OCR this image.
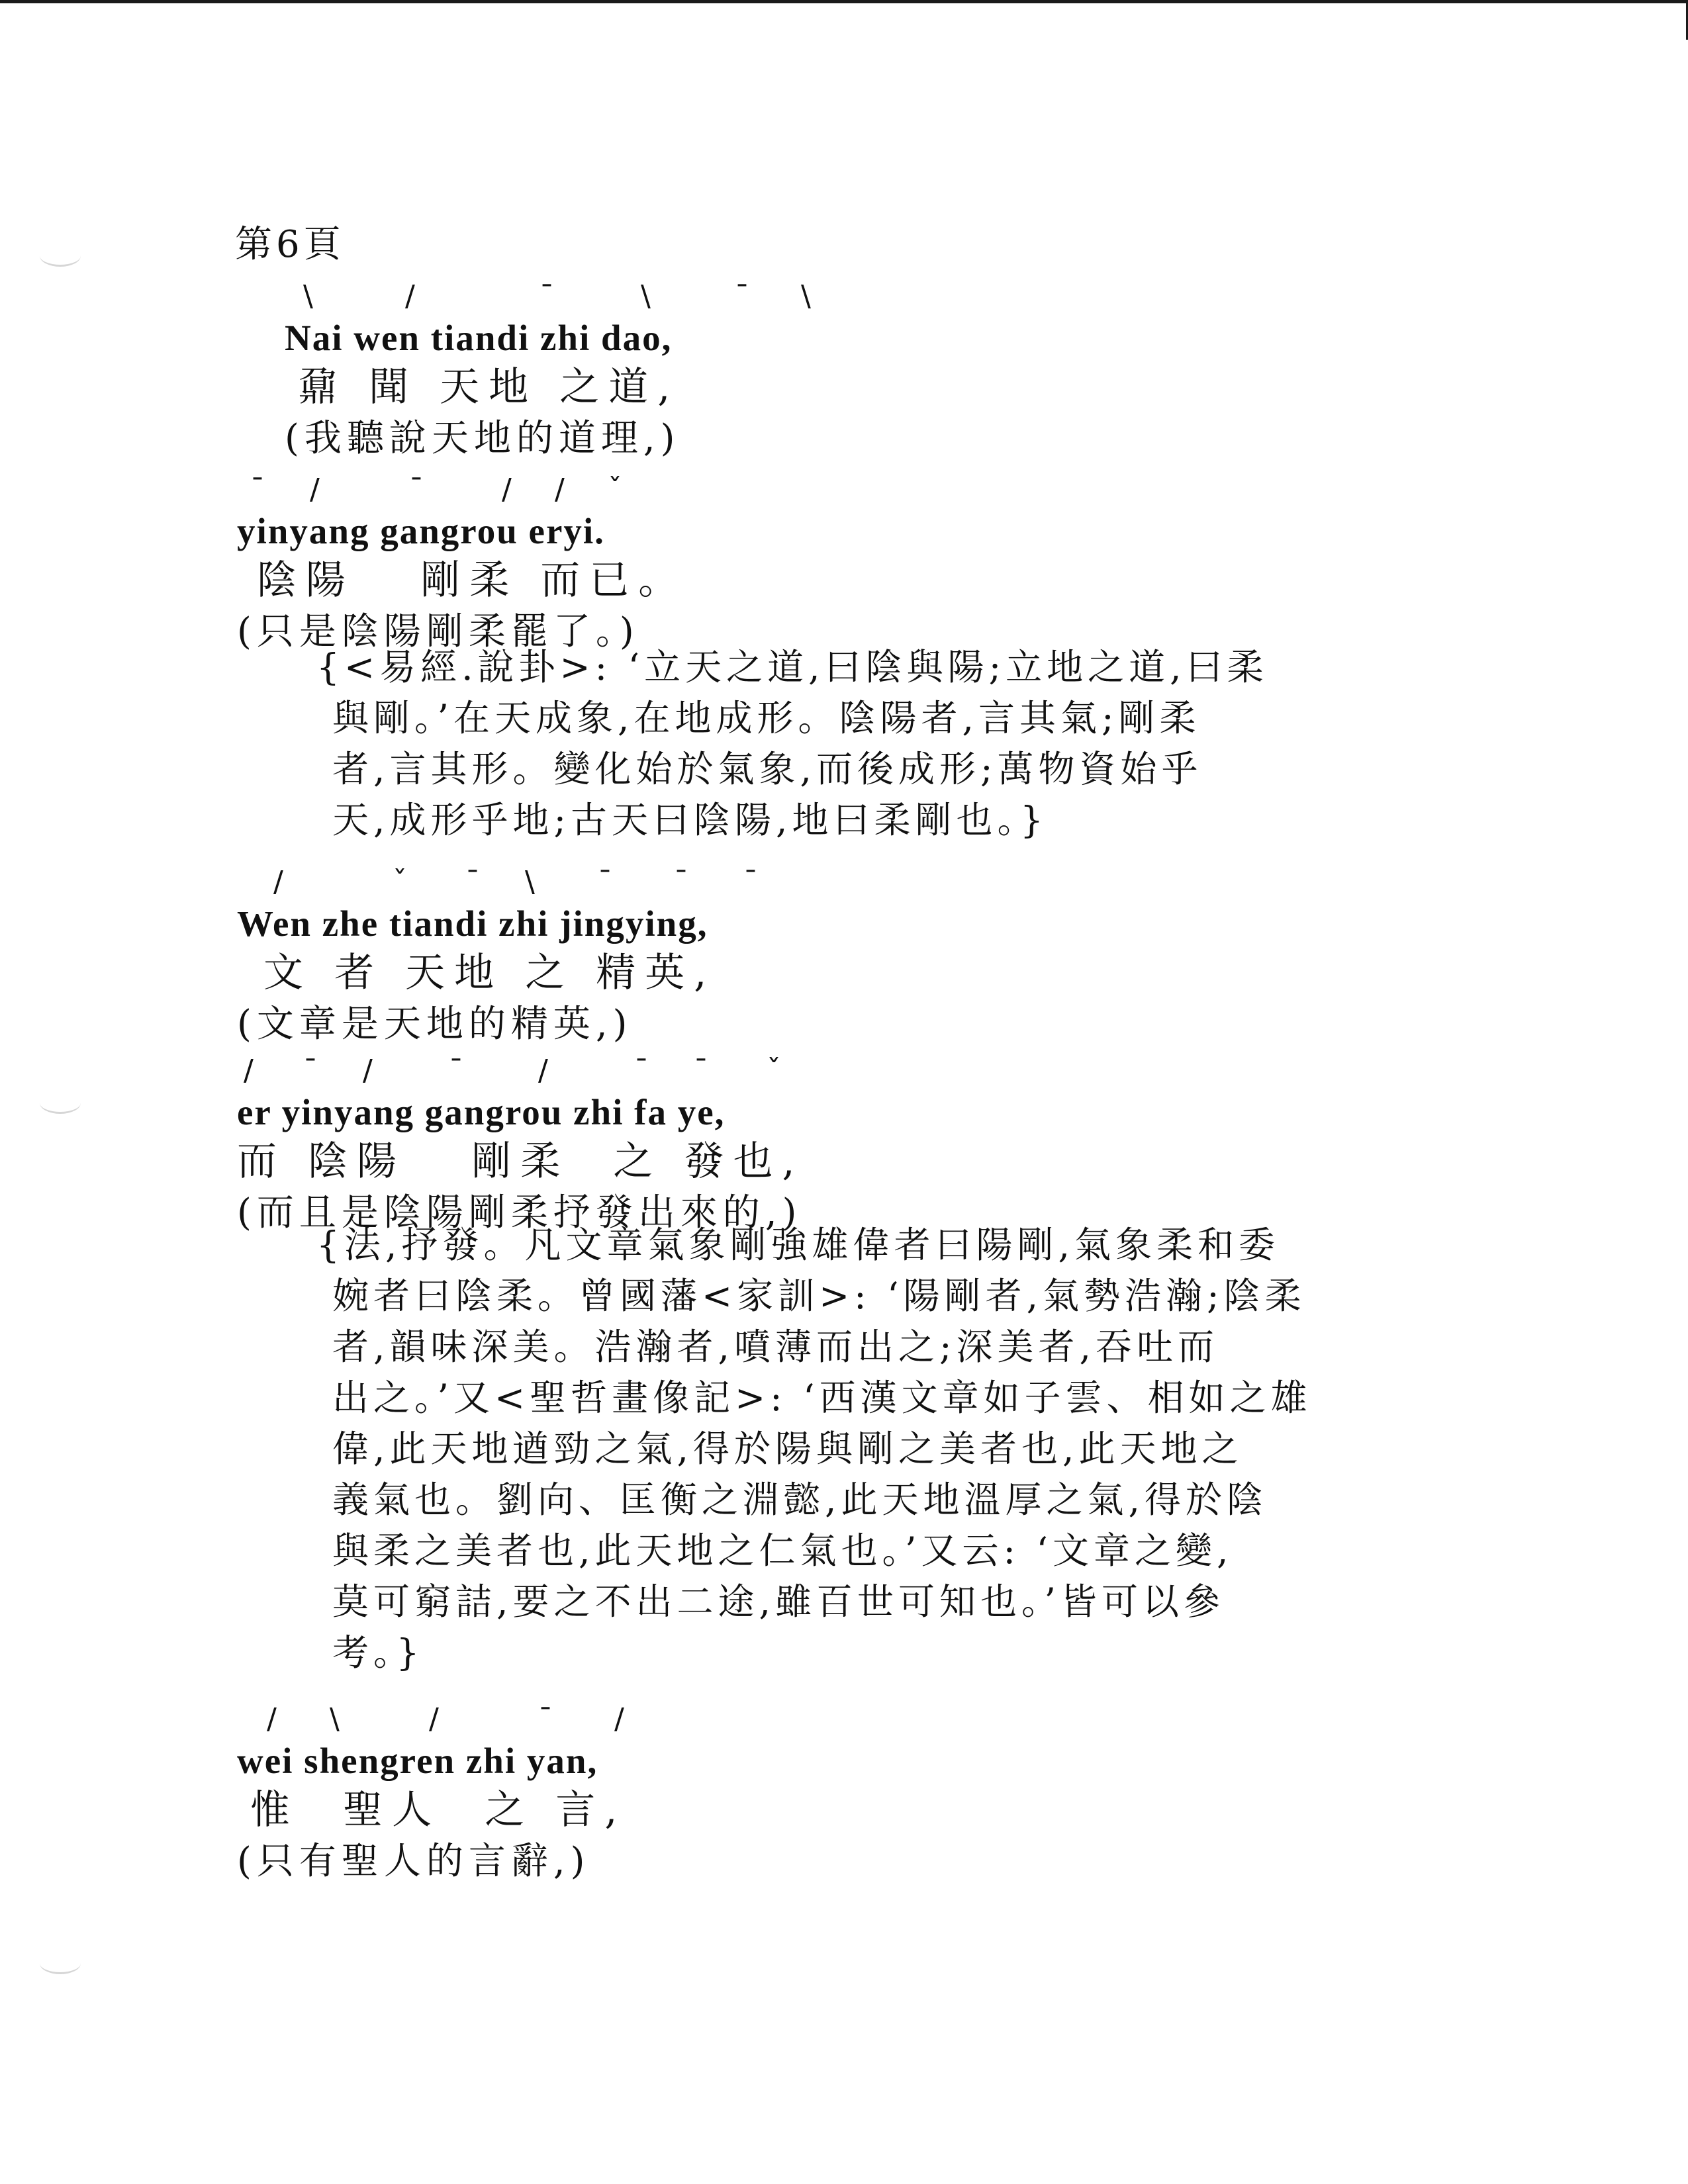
第6頁
\	/	¯	\	¯ \
Nai wen tiandi zhi dao,
鼐 聞 天地 之道,
(我聽說天地的道理,)
¯ /	¯	/ / ˇ
yinyang gangrou eryi.
陰陽   剛柔 而已。
(只是陰陽剛柔罷了。)
{<易經.說卦>: ‘立天之道,曰陰與陽;立地之道,曰柔
與剛。’在天成象,在地成形。陰陽者,言其氣;剛柔
者,言其形。變化始於氣象,而後成形;萬物資始乎
天,成形乎地;古天曰陰陽,地曰柔剛也。}
/	ˇ ¯ \ ¯ ¯ ¯
Wen zhe tiandi zhi jingying,
文 者 天地 之 精英,
(文章是天地的精英,)
/ ¯ /	¯	/	¯ ¯ ˇ
er yinyang gangrou zhi fa ye,
而 陰陽   剛柔  之 發也,
(而且是陰陽剛柔抒發出來的,)
{法,抒發。凡文章氣象剛強雄偉者曰陽剛,氣象柔和委
婉者曰陰柔。曾國藩<家訓>: ‘陽剛者,氣勢浩瀚;陰柔
者,韻味深美。浩瀚者,噴薄而出之;深美者,吞吐而
出之。’又<聖哲畫像記>: ‘西漢文章如子雲、相如之雄
偉,此天地遒勁之氣,得於陽與剛之美者也,此天地之
義氣也。劉向、匡衡之淵懿,此天地溫厚之氣,得於陰
與柔之美者也,此天地之仁氣也。’又云: ‘文章之變,
莫可窮詰,要之不出二途,雖百世可知也。’皆可以參
考。}
/ \	/	¯ /
wei shengren zhi yan,
惟  聖人  之 言,
(只有聖人的言辭,)
